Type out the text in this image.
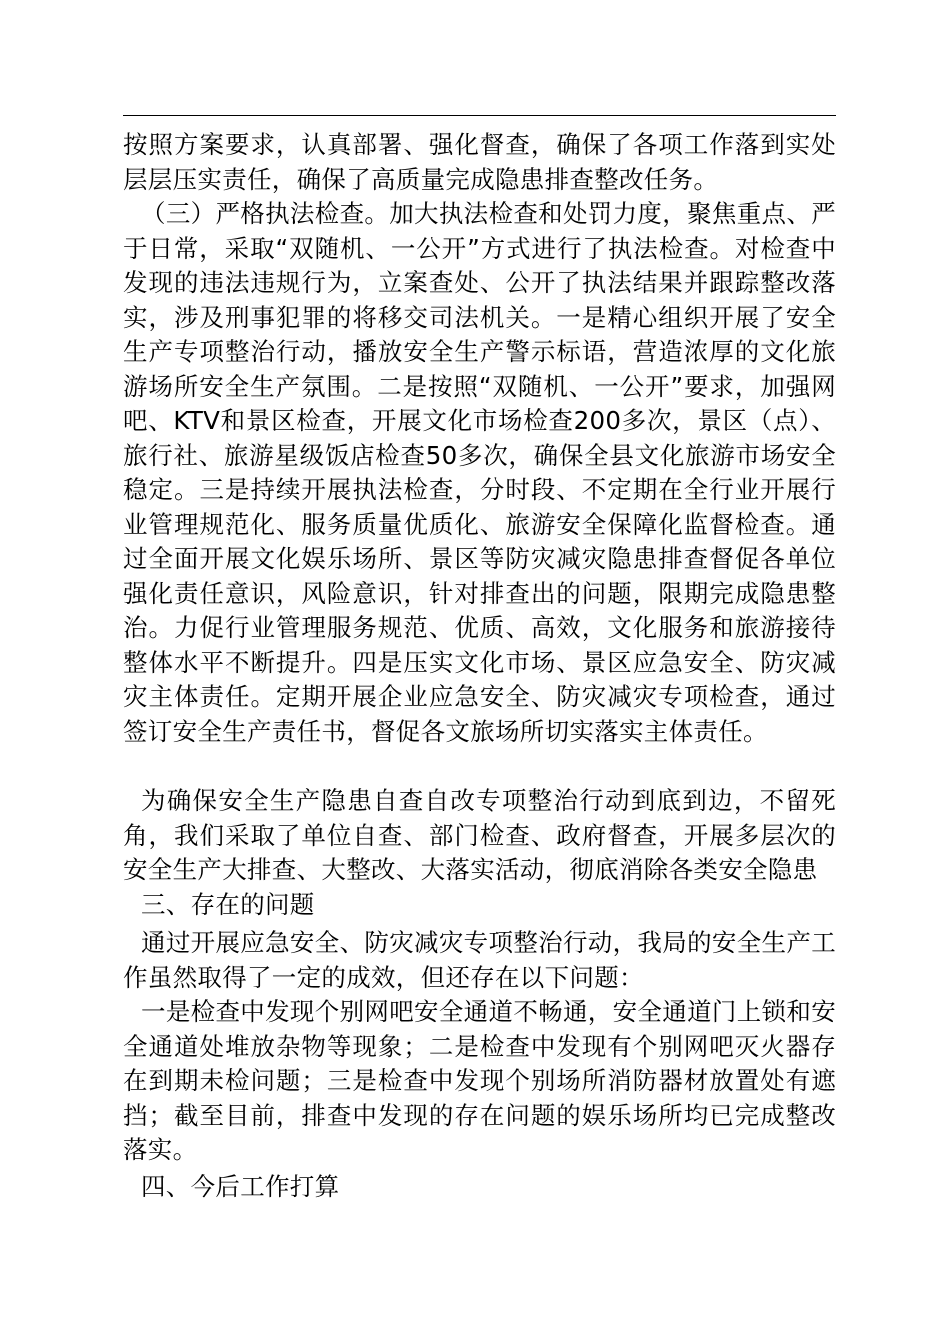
按照方案要求，认真部署、强化督查，确保了各项工作落到实处层层压实责任，确保了高质量完成隐患排查整改任务。

（三）严格执法检查。加大执法检查和处罚力度，聚焦重点、严于日常，采取“双随机、一公开”方式进行了执法检查。对检查中发现的违法违规行为，立案查处、公开了执法结果并跟踪整改落实，涉及刑事犯罪的将移交司法机关。一是精心组织开展了安全生产专项整治行动，播放安全生产警示标语，营造浓厚的文化旅游场所安全生产氛围。二是按照“双随机、一公开”要求，加强网吧、KTV和景区检查，开展文化市场检查200多次，景区（点）、旅行社、旅游星级饭店检查50多次，确保全县文化旅游市场安全稳定。三是持续开展执法检查，分时段、不定期在全行业开展行业管理规范化、服务质量优质化、旅游安全保障化监督检查。通过全面开展文化娱乐场所、景区等防灾减灾隐患排查督促各单位强化责任意识，风险意识，针对排查出的问题，限期完成隐患整治。力促行业管理服务规范、优质、高效，文化服务和旅游接待整体水平不断提升。四是压实文化市场、景区应急安全、防灾减灾主体责任。定期开展企业应急安全、防灾减灾专项检查，通过签订安全生产责任书，督促各文旅场所切实落实主体责任。

为确保安全生产隐患自查自改专项整治行动到底到边，不留死角，我们采取了单位自查、部门检查、政府督查，开展多层次的安全生产大排查、大整改、大落实活动，彻底消除各类安全隐患

三、存在的问题

通过开展应急安全、防灾减灾专项整治行动，我局的安全生产工作虽然取得了一定的成效，但还存在以下问题：

一是检查中发现个别网吧安全通道不畅通，安全通道门上锁和安全通道处堆放杂物等现象；二是检查中发现有个别网吧灭火器存在到期未检问题；三是检查中发现个别场所消防器材放置处有遮挡；截至目前，排查中发现的存在问题的娱乐场所均已完成整改落实。

四、今后工作打算
